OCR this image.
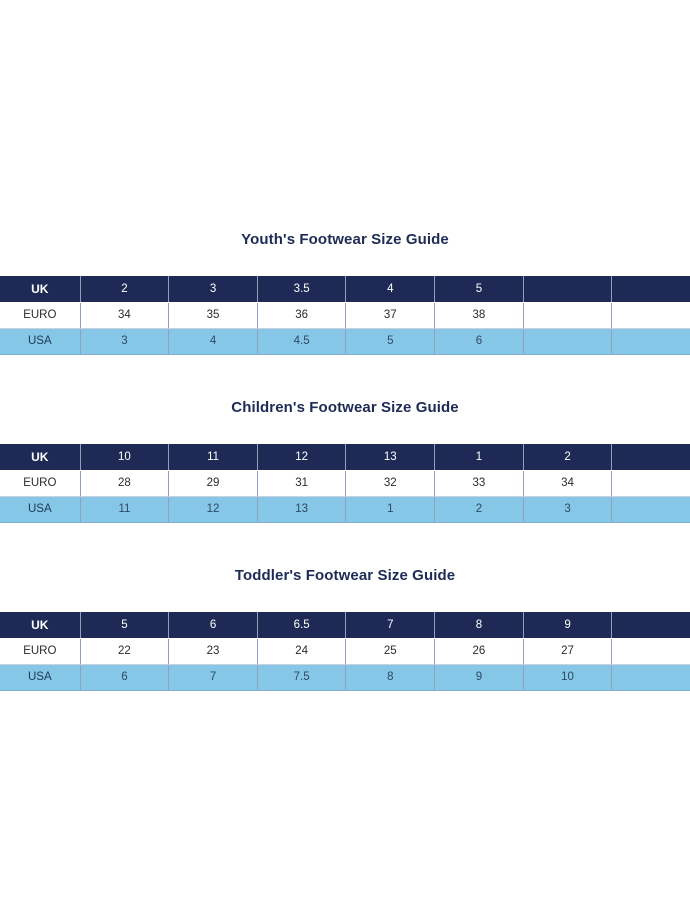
Youth's Footwear Size Guide
UK	2	3	3.5	4	5		
EURO	34	35	36	37	38		
USA	3	4	4.5	5	6		
Children's Footwear Size Guide
UK	10	11	12	13	1	2	
EURO	28	29	31	32	33	34	
USA	11	12	13	1	2	3	
Toddler's Footwear Size Guide
UK	5	6	6.5	7	8	9	
EURO	22	23	24	25	26	27	
USA	6	7	7.5	8	9	10	
